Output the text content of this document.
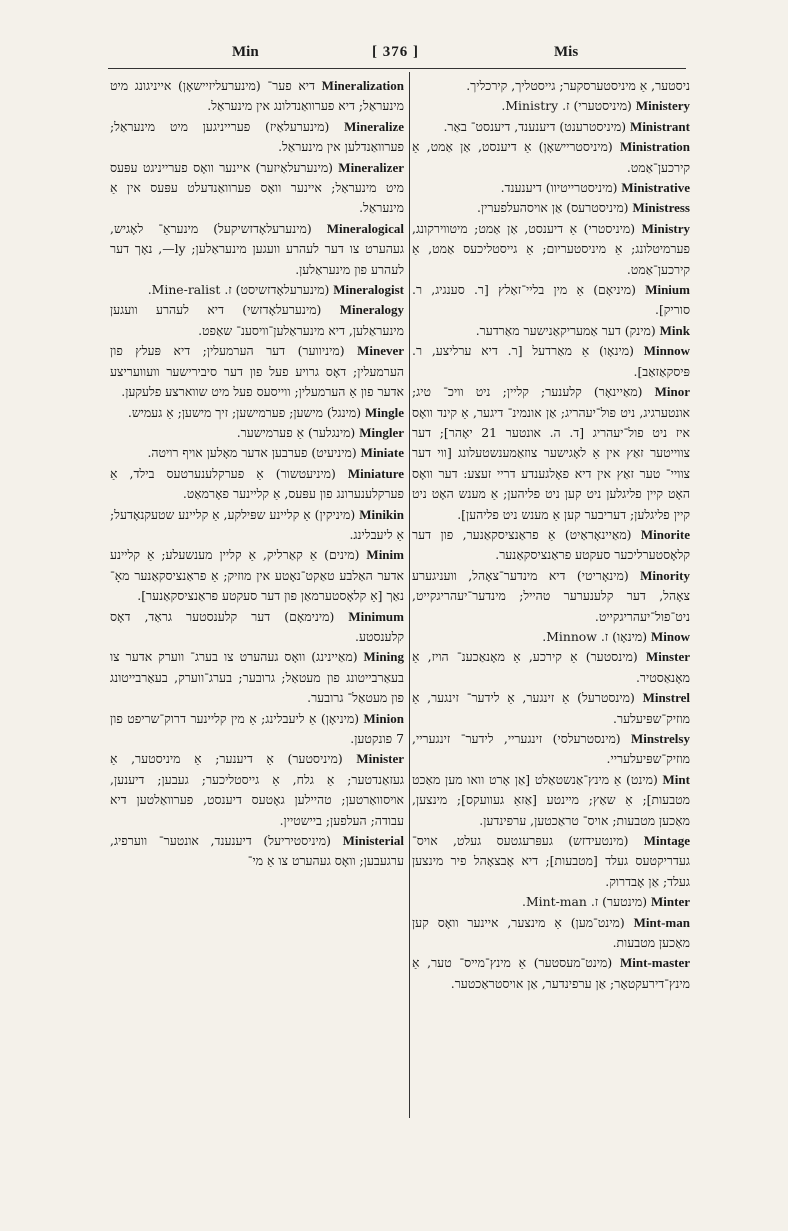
Min	[ 376 ]	Mis

Mineralization דיא פער־ (מינערעליזיישאָן) אייניגונג מיט מינעראַל; דיא פערוואַנדלונג אין מינעראַל.

Mineralize (מינערעלאַיז) פערייניגען מיט מינעראַל; פערוואַנדלען אין מינעראַל.

Mineralizer (מינערעלאַיזער) איינער וואָס פערייניגט עפּעס מיט מינעראַל; איינער וואָס פערוואַנדעלט עפּעס אין אַ מינעראַל.

Mineralogical (מינערעלאָדזשיקעל) מינעראַ־ לאָגיש, געהערט צו דער לעהרע וועגען מינעראַלען; ly—, נאָך דער לעהרע פון מינעראַלען.

Mineralogist (מינערעלאָדזשיסט) ז. Mine-ralist.

Mineralogy (מינערעלאָדזשי) דיא לעהרע וועגען מינעראַלען, דיא מינעראַלען־וויסענ־ שאַפט.

Minever (מיניווער) דער הערמעלין; דיא פּעלץ פון הערמעלין; דאָס גרויע פעל פון דער סיבירישער וועוועריצע אדער פון אַ הערמעלין; ווייסעס פעל מיט שווארצע פלעקען.

Mingle (מינגל) מישען; פערמישען; זיך מישען; אַ געמיש.

Mingler (מינגלער) אַ פערמישער.

Miniate (מיניעיט) פערבען אדער מאָלען אויף רויטה.

Miniature (מיניעטשור) אַ פערקלענערטעס בילד, אַ פערקלענערונג פון עפּעס, אַ קליינער פאָרמאַט.

Minikin (מיניקין) אַ קליינע שפּילקע, אַ קליינע שטעקנאָדעל; אַ ליעבלינג.

Minim (מינים) אַ קאַרליק, אַ קליין מענשעלע; אַ קליינע אדער האַלבע טאַקט־נאָטע אין מוזיק; אַ פראַנציסקאַנער מאָ־ נאַך [אַ קלאָסטערמאַן פון דער סעקטע פראַנציסקאַנער].

Minimum (מינימאָם) דער קלענסטער גראַד, דאָס קלענסטע.

Mining (מאַיינינג) וואָס געהערט צו בערג־ ווערק אדער צו בעאַרבייטונג פון מעטאַל; גרובער; בערג־ווערק, בעאַרבייטונג פון מעטאַל־ גרובער.

Minion (מיניאָן) אַ ליעבלינג; אַ מין קליינער דרוק־שריפט פון 7 פונקטען.

Minister (מיניסטער) אַ דיענער; אַ מיניסטער, אַ געזאַנדטער; אַ גלח, אַ גייסטליכער; געבען; דיענען, אויסוואַרטען; טהיילען גאָטעס דיענסט, פערוואַלטען דיא עבודה; העלפען; ביישטיין.

Ministerial (מיניסטיריעל) דיענענד, אונטער־ ווערפיג, ערגעבען; וואָס געהערט צו אַ מי־

ניסטער, אַ מיניסטערסקער; גייסטליך, קירכליך.

Ministery (מיניסטערי) ז. Ministry.

Ministrant (מיניסטרענט) דיענענד, דיענסט־ באַר.

Ministration (מיניסטריישאָן) אַ דיענסט, אַן אַמט, אַ קירכען־אַמט.

Ministrative (מיניסטרייטיוו) דיענענד.

Ministress (מיניסטרעס) אַן אויסהעלפערין.

Ministry (מיניסטרי) אַ דיענסט, אַן אַמט; מיטווירקונג, פערמיטלונג; אַ מיניסטעריום; אַ גייסטליכעס אַמט, אַ קירכען־אַמט.

Minium (מיניאָם) אַ מין בליי־זאַלץ [ר. סענגיג, ר. סוריק].

Mink (מינק) דער אַמעריקאַנישער מאַרדער.

Minnow (מינאָו) אַ מאַרדעל [ר. דיא ערליצע, ר. פּיסקאַזאַב].

Minor (מאַיינאָר) קלענער; קליין; ניט וויכ־ טיג; אונטערגיג, ניט פול־יעהריג; אַן אונמינ־ דיגער, אַ קינד וואָס איז ניט פול־יעהריג [ד. ה. אונטער 21 יאָהר]; דער צווייטער זאַץ אין אַ לאָגישער צוזאַמענשטעלונג [ווי דער צוויי־ טער זאַץ אין דיא פאָלגענדע דריי זעצע: דער וואָס האָט קיין פליגלען ניט קען ניט פליהען; אַ מענש האָט ניט קיין פליגלען; דעריבער קען אַ מענש ניט פליהען].

Minorite (מאַיינאָראַיט) אַ פראַנציסקאַנער, פון דער קלאָסטערליכער סעקטע פראַנציסקאַנער.

Minority (מינאָריטי) דיא מינדער־צאָהל, וועניגערע צאָהל, דער קלענערער טהייל; מינדער־יעהריגקייט, ניט־פול־יעהריגקייט.

Minow (מינאָו) ז. Minnow.

Minster (מינסטער) אַ קירכע, אַ מאָנאַכענ־ הויז, אַ מאָנאַסטיר.

Minstrel (מינסטרעל) אַ זינגער, אַ לידער־ זינגער, אַ מוזיק־שפּיעלער.

Minstrelsy (מינסטרעלסי) זינגעריי, לידער־ זינגעריי, מוזיק־שפּיעלעריי.

Mint (מינט) אַ מינץ־אַנשטאַלט [אַן אָרט וואו מען מאַכט מטבעות]; אַ שאַץ; מיינטע [אַזאַ געוועקס]; מינצען, מאַכען מטבעות; אויס־ טראַכטען, ערפינדען.

Mintage (מינטעידזש) געפּרעגטעס געלט, אויס־ געדריקטעס געלד [מטבעות]; דיא אָבצאָהל פיר מינצען געלד; אַן אָבדרוק.

Minter (מינטער) ז. Mint-man.

Mint-man (מינט־מען) אַ מינצער, איינער וואָס קען מאַכען מטבעות.

Mint-master (מינט־מעסטער) אַ מינץ־מייס־ טער, אַ מינץ־דירעקטאָר; אַן ערפינדער, אַן אויסטראַכטער.
